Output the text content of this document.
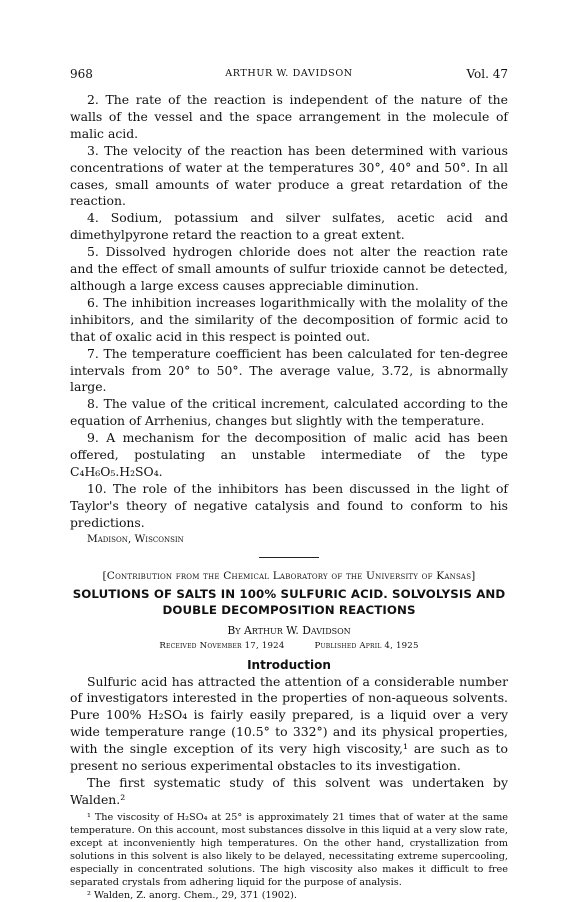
968	ARTHUR W. DAVIDSON	Vol. 47

2. The rate of the reaction is independent of the nature of the walls of the vessel and the space arrangement in the molecule of malic acid.

3. The velocity of the reaction has been determined with various concentrations of water at the temperatures 30°, 40° and 50°. In all cases, small amounts of water produce a great retardation of the reaction.

4. Sodium, potassium and silver sulfates, acetic acid and dimethylpyrone retard the reaction to a great extent.

5. Dissolved hydrogen chloride does not alter the reaction rate and the effect of small amounts of sulfur trioxide cannot be detected, although a large excess causes appreciable diminution.

6. The inhibition increases logarithmically with the molality of the inhibitors, and the similarity of the decomposition of formic acid to that of oxalic acid in this respect is pointed out.

7. The temperature coefficient has been calculated for ten-degree intervals from 20° to 50°. The average value, 3.72, is abnormally large.

8. The value of the critical increment, calculated according to the equation of Arrhenius, changes but slightly with the temperature.

9. A mechanism for the decomposition of malic acid has been offered, postulating an unstable intermediate of the type C₄H₆O₅.H₂SO₄.

10. The role of the inhibitors has been discussed in the light of Taylor's theory of negative catalysis and found to conform to his predictions.

Madison, Wisconsin
[Contribution from the Chemical Laboratory of the University of Kansas]
SOLUTIONS OF SALTS IN 100% SULFURIC ACID. SOLVOLYSIS AND DOUBLE DECOMPOSITION REACTIONS
By Arthur W. Davidson
Received November 17, 1924	Published April 4, 1925
Introduction

Sulfuric acid has attracted the attention of a considerable number of investigators interested in the properties of non-aqueous solvents. Pure 100% H₂SO₄ is fairly easily prepared, is a liquid over a very wide temperature range (10.5° to 332°) and its physical properties, with the single exception of its very high viscosity,¹ are such as to present no serious experimental obstacles to its investigation.

The first systematic study of this solvent was undertaken by Walden.²

¹ The viscosity of H₂SO₄ at 25° is approximately 21 times that of water at the same temperature. On this account, most substances dissolve in this liquid at a very slow rate, except at inconveniently high temperatures. On the other hand, crystallization from solutions in this solvent is also likely to be delayed, necessitating extreme supercooling, especially in concentrated solutions. The high viscosity also makes it difficult to free separated crystals from adhering liquid for the purpose of analysis.

² Walden, Z. anorg. Chem., 29, 371 (1902).
